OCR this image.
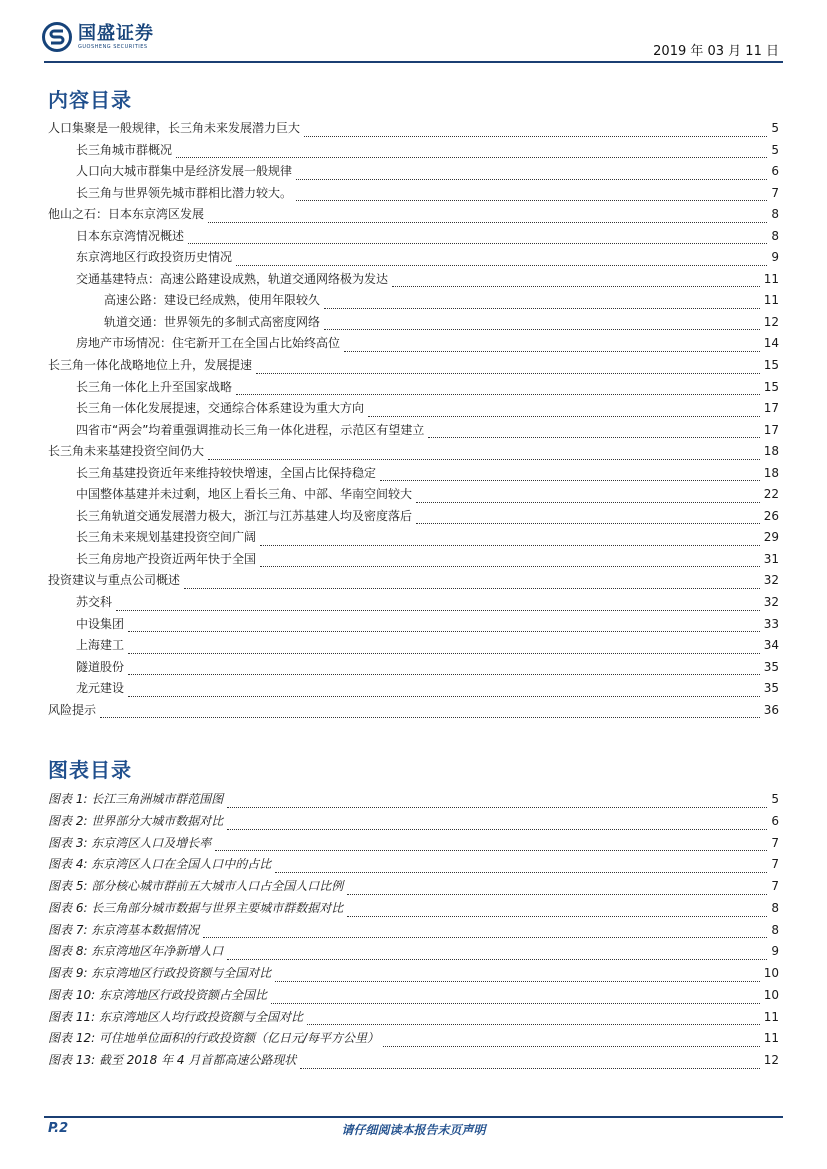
国盛证券
GUOSHENG SECURITIES	2019 年 03 月 11 日
内容目录
人口集聚是一般规律，长三角未来发展潜力巨大	5
长三角城市群概况	5
人口向大城市群集中是经济发展一般规律	6
长三角与世界领先城市群相比潜力较大。	7
他山之石：日本东京湾区发展	8
日本东京湾情况概述	8
东京湾地区行政投资历史情况	9
交通基建特点：高速公路建设成熟，轨道交通网络极为发达	11
高速公路：建设已经成熟，使用年限较久	11
轨道交通：世界领先的多制式高密度网络	12
房地产市场情况：住宅新开工在全国占比始终高位	14
长三角一体化战略地位上升，发展提速	15
长三角一体化上升至国家战略	15
长三角一体化发展提速，交通综合体系建设为重大方向	17
四省市“两会”均着重强调推动长三角一体化进程，示范区有望建立	17
长三角未来基建投资空间仍大	18
长三角基建投资近年来维持较快增速，全国占比保持稳定	18
中国整体基建并未过剩，地区上看长三角、中部、华南空间较大	22
长三角轨道交通发展潜力极大，浙江与江苏基建人均及密度落后	26
长三角未来规划基建投资空间广阔	29
长三角房地产投资近两年快于全国	31
投资建议与重点公司概述	32
苏交科	32
中设集团	33
上海建工	34
隧道股份	35
龙元建设	35
风险提示	36
图表目录
图表 1: 长江三角洲城市群范围图	5
图表 2: 世界部分大城市数据对比	6
图表 3: 东京湾区人口及增长率	7
图表 4: 东京湾区人口在全国人口中的占比	7
图表 5: 部分核心城市群前五大城市人口占全国人口比例	7
图表 6: 长三角部分城市数据与世界主要城市群数据对比	8
图表 7: 东京湾基本数据情况	8
图表 8: 东京湾地区年净新增人口	9
图表 9: 东京湾地区行政投资额与全国对比	10
图表 10: 东京湾地区行政投资额占全国比	10
图表 11: 东京湾地区人均行政投资额与全国对比	11
图表 12: 可住地单位面积的行政投资额（亿日元/每平方公里）	11
图表 13: 截至 2018 年 4 月首都高速公路现状	12
P.2	请仔细阅读本报告末页声明
